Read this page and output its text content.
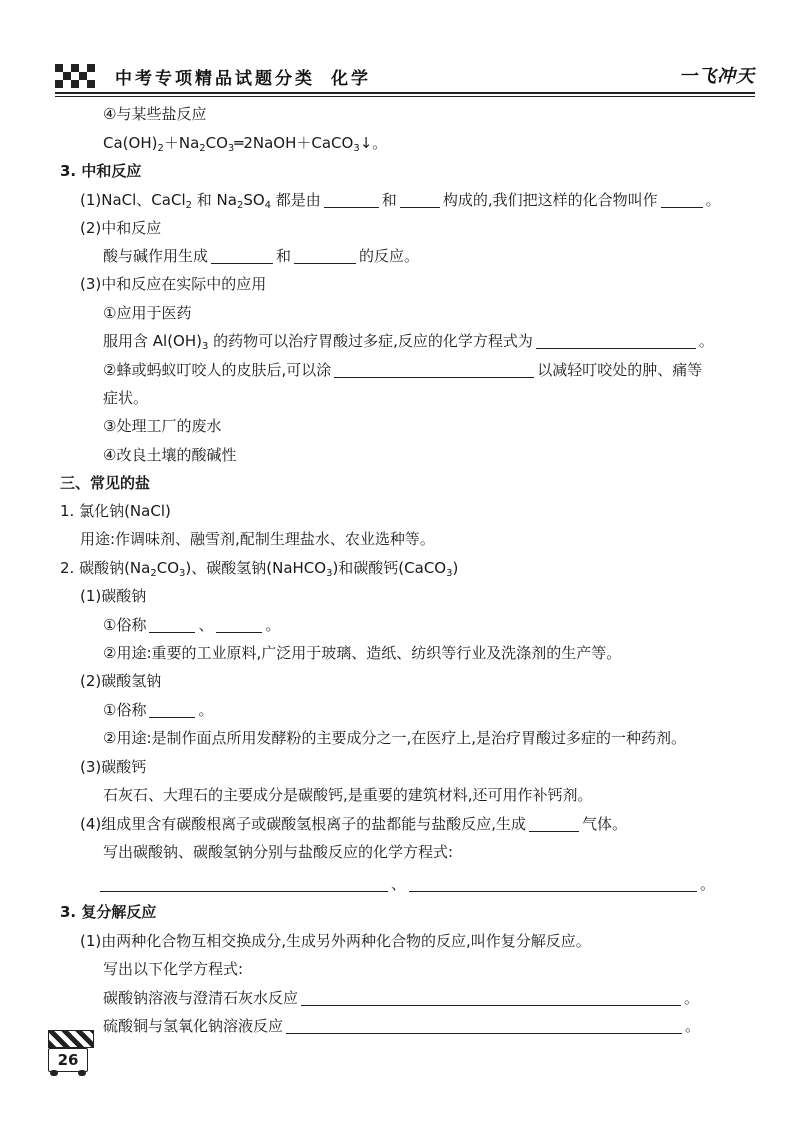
中考专项精品试题分类 化学	一飞冲天
④与某些盐反应
$Ca(OH)_2+Na_2CO_3═2NaOH+CaCO_3↓$。
3. 中和反应
(1)NaCl、CaCl$_2$ 和 $Na_2SO_4$ 都是由	和	构成的,我们把这样的化合物叫作	。
(2)中和反应
酸与碱作用生成	和	的反应。
(3)中和反应在实际中的应用
①应用于医药
服用含 $Al(OH)_3$ 的药物可以治疗胃酸过多症,反应的化学方程式为	。
②蜂或蚂蚁叮咬人的皮肤后,可以涂	以减轻叮咬处的肿、痛等
症状。
③处理工厂的废水
④改良土壤的酸碱性
三、常见的盐
1. 氯化钠(NaCl)
用途:作调味剂、融雪剂,配制生理盐水、农业选种等。
2. 碳酸钠$(Na_2CO_3)$、碳酸氢钠(NaHCO$_3$)和碳酸钙(CaCO$_3$)
(1)碳酸钠
①俗称	、	。
②用途:重要的工业原料,广泛用于玻璃、造纸、纺织等行业及洗涤剂的生产等。
(2)碳酸氢钠
①俗称	。
②用途:是制作面点所用发酵粉的主要成分之一,在医疗上,是治疗胃酸过多症的一种药剂。
(3)碳酸钙
石灰石、大理石的主要成分是碳酸钙,是重要的建筑材料,还可用作补钙剂。
(4)组成里含有碳酸根离子或碳酸氢根离子的盐都能与盐酸反应,生成	气体。
写出碳酸钠、碳酸氢钠分别与盐酸反应的化学方程式:
、	。
3. 复分解反应
(1)由两种化合物互相交换成分,生成另外两种化合物的反应,叫作复分解反应。
写出以下化学方程式:
碳酸钠溶液与澄清石灰水反应	。
硫酸铜与氢氧化钠溶液反应	。
26
